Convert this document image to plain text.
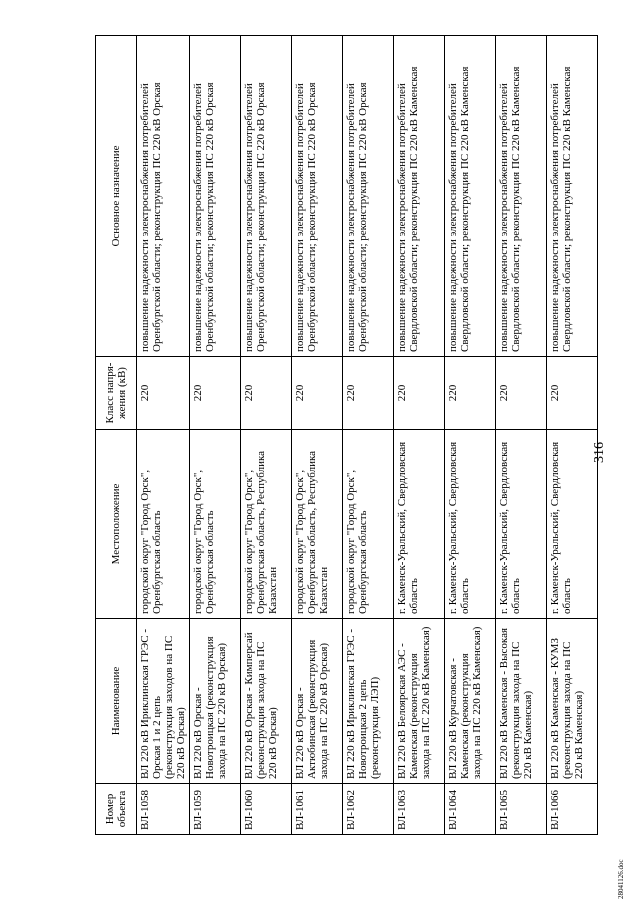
Номер объекта	Наименование	Местоположение	Класс напря-жения (кВ)	Основное назначение
ВЛ-1058	ВЛ 220 кВ Ириклинская ГРЭС - Орская 1 и 2 цепь (реконструкция заходов на ПС 220 кВ Орская)	городской округ "Город Орск", Оренбургская область	220	повышение надежности электроснабжения потребителей Оренбургской области; реконструкция ПС 220 кВ Орская
ВЛ-1059	ВЛ 220 кВ Орская - Новотроицкая (реконструкция захода на ПС 220 кВ Орская)	городской округ "Город Орск", Оренбургская область	220	повышение надежности электроснабжения потребителей Оренбургской области; реконструкция ПС 220 кВ Орская
ВЛ-1060	ВЛ 220 кВ Орская - Кимперсай (реконструкция захода на ПС 220 кВ Орская)	городской округ "Город Орск", Оренбургская область, Республика Казахстан	220	повышение надежности электроснабжения потребителей Оренбургской области; реконструкция ПС 220 кВ Орская
ВЛ-1061	ВЛ 220 кВ Орская - Актюбинская (реконструкция захода на ПС 220 кВ Орская)	городской округ "Город Орск", Оренбургская область, Республика Казахстан	220	повышение надежности электроснабжения потребителей Оренбургской области; реконструкция ПС 220 кВ Орская
ВЛ-1062	ВЛ 220 кВ Ириклинская ГРЭС - Новотроицкая 2 цепь (реконструкция ЛЭП)	городской округ "Город Орск", Оренбургская область	220	повышение надежности электроснабжения потребителей Оренбургской области; реконструкция ПС 220 кВ Орская
ВЛ-1063	ВЛ 220 кВ Белоярская АЭС - Каменская (реконструкция захода на ПС 220 кВ Каменская)	г. Каменск-Уральский, Свердловская область	220	повышение надежности электроснабжения потребителей Свердловской области; реконструкция ПС 220 кВ Каменская
ВЛ-1064	ВЛ 220 кВ Курчатовская - Каменская (реконструкция захода на ПС 220 кВ Каменская)	г. Каменск-Уральский, Свердловская область	220	повышение надежности электроснабжения потребителей Свердловской области; реконструкция ПС 220 кВ Каменская
ВЛ-1065	ВЛ 220 кВ Каменская - Высокая (реконструкция захода на ПС 220 кВ Каменская)	г. Каменск-Уральский, Свердловская область	220	повышение надежности электроснабжения потребителей Свердловской области; реконструкция ПС 220 кВ Каменская
ВЛ-1066	ВЛ 220 кВ Каменская - КУМЗ (реконструкция захода на ПС 220 кВ Каменская)	г. Каменск-Уральский, Свердловская область	220	повышение надежности электроснабжения потребителей Свердловской области; реконструкция ПС 220 кВ Каменская
316
28041126.doc
